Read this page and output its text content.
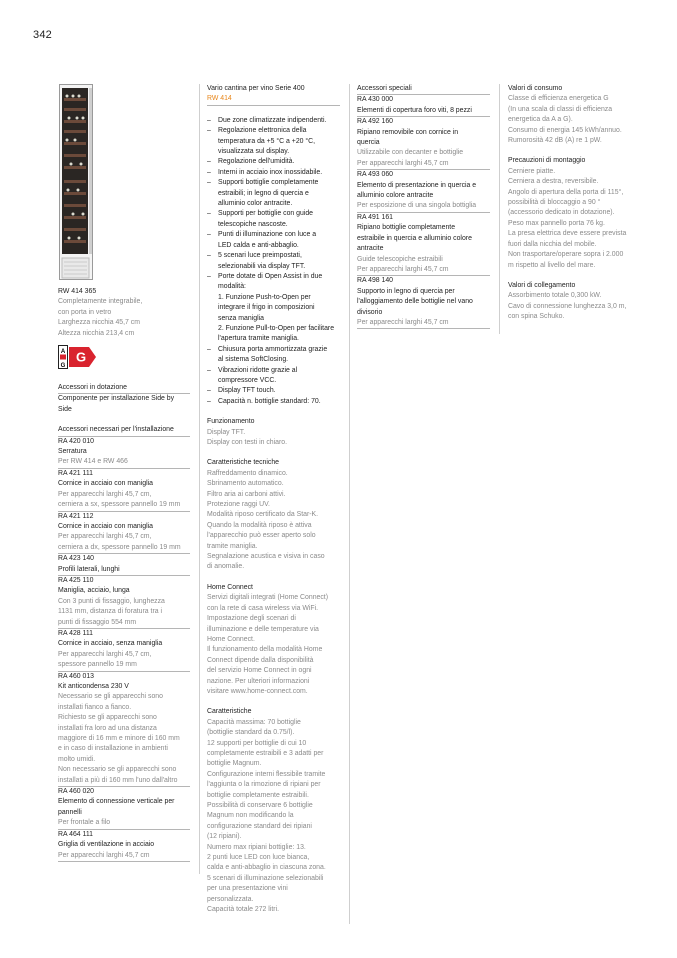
342
RW 414 365
Completamente integrabile,
con porta in vetro
Larghezza nicchia 45,7 cm
Altezza nicchia 213,4 cm
A
G
G
Accessori in dotazione
Componente per installazione Side by
Side
Accessori necessari per l'installazione
RA 420 010
Serratura
Per RW 414 e RW 466
RA 421 111
Cornice in acciaio con maniglia
Per apparecchi larghi 45,7 cm,
cerniera a sx, spessore pannello 19 mm
RA 421 112
Cornice in acciaio con maniglia
Per apparecchi larghi 45,7 cm,
cerniera a dx, spessore pannello 19 mm
RA 423 140
Profili laterali, lunghi
RA 425 110
Maniglia, acciaio, lunga
Con 3 punti di fissaggio, lunghezza
1131 mm, distanza di foratura tra i
punti di fissaggio 554 mm
RA 428 111
Cornice in acciaio, senza maniglia
Per apparecchi larghi 45,7 cm,
spessore pannello 19 mm
RA 460 013
Kit anticondensa 230 V
Necessario se gli apparecchi sono
installati fianco a fianco.
Richiesto se gli apparecchi sono
installati fra loro ad una distanza
maggiore di 16 mm e minore di 160 mm
e in caso di installazione in ambienti
molto umidi.
Non necessario se gli apparecchi sono
installati a più di 160 mm l'uno dall'altro
RA 460 020
Elemento di connessione verticale per
pannelli
Per frontale a filo
RA 464 111
Griglia di ventilazione in acciaio
Per apparecchi larghi 45,7 cm
Vario cantina per vino Serie 400
RW 414
–	Due zone climatizzate indipendenti.
–	Regolazione elettronica della
temperatura da +5 °C a +20 °C,
visualizzata sul display.
–	Regolazione dell'umidità.
–	Interni in acciaio inox inossidabile.
–	Supporti bottiglie completamente
estraibili; in legno di quercia e
alluminio color antracite.
–	Supporti per bottiglie con guide
telescopiche nascoste.
–	Punti di illuminazione con luce a
LED calda e anti-abbaglio.
–	5 scenari luce preimpostati,
selezionabili via display TFT.
–	Porte dotate di Open Assist in due
modalità:
1. Funzione Push-to-Open per
integrare il frigo in composizioni
senza maniglia
2. Funzione Pull-to-Open per facilitare
l'apertura tramite maniglia.
–	Chiusura porta ammortizzata grazie
al sistema SoftClosing.
–	Vibrazioni ridotte grazie al
compressore VCC.
–	Display TFT touch.
–	Capacità n. bottiglie standard: 70.
Funzionamento
Display TFT.
Display con testi in chiaro.
Caratteristiche tecniche
Raffreddamento dinamico.
Sbrinamento automatico.
Filtro aria ai carboni attivi.
Protezione raggi UV.
Modalità riposo certificato da Star-K.
Quando la modalità riposo è attiva
l'apparecchio può esser aperto solo
tramite maniglia.
Segnalazione acustica e visiva in caso
di anomalie.
Home Connect
Servizi digitali integrati (Home Connect)
con la rete di casa wireless via WiFi.
Impostazione degli scenari di
illuminazione e delle temperature via
Home Connect.
Il funzionamento della modalità Home
Connect dipende dalla disponibilità
del servizio Home Connect in ogni
nazione. Per ulteriori informazioni
visitare www.home-connect.com.
Caratteristiche
Capacità massima: 70 bottiglie
(bottiglie standard da 0.75/l).
12 supporti per bottiglie di cui 10
completamente estraibili e 3 adatti per
bottiglie Magnum.
Configurazione interni flessibile tramite
l'aggiunta o la rimozione di ripiani per
bottiglie completamente estraibili.
Possibilità di conservare 6 bottiglie
Magnum non modificando la
configurazione standard dei ripiani
(12 ripiani).
Numero max ripiani bottiglie: 13.
2 punti luce LED con luce bianca,
calda e anti-abbaglio in ciascuna zona.
5 scenari di illuminazione selezionabili
per una presentazione vini
personalizzata.
Capacità totale 272 litri.
Accessori speciali
RA 430 000
Elementi di copertura foro viti, 8 pezzi
RA 492 160
Ripiano removibile con cornice in
quercia
Utilizzabile con decanter e bottiglie
Per apparecchi larghi 45,7 cm
RA 493 060
Elemento di presentazione in quercia e
alluminio colore antracite
Per esposizione di una singola bottiglia
RA 491 161
Ripiano bottiglie completamente
estraibile in quercia e alluminio colore
antracite
Guide telescopiche estraibili
Per apparecchi larghi 45,7 cm
RA 498 140
Supporto in legno di quercia per
l'alloggiamento delle bottiglie nel vano
divisorio
Per apparecchi larghi 45,7 cm
Valori di consumo
Classe di efficienza energetica G
(In una scala di classi di efficienza
energetica da A a G).
Consumo di energia 145 kWh/annuo.
Rumorosità 42 dB (A) re 1 pW.
Precauzioni di montaggio
Cerniere piatte.
Cerniera a destra, reversibile.
Angolo di apertura della porta di 115°,
possibilità di bloccaggio a 90 °
(accessorio dedicato in dotazione).
Peso max pannello porta 76 kg.
La presa elettrica deve essere prevista
fuori dalla nicchia del mobile.
Non trasportare/operare sopra i 2.000
m rispetto al livello del mare.
Valori di collegamento
Assorbimento totale 0,300 kW.
Cavo di connessione lunghezza 3,0 m,
con spina Schuko.
